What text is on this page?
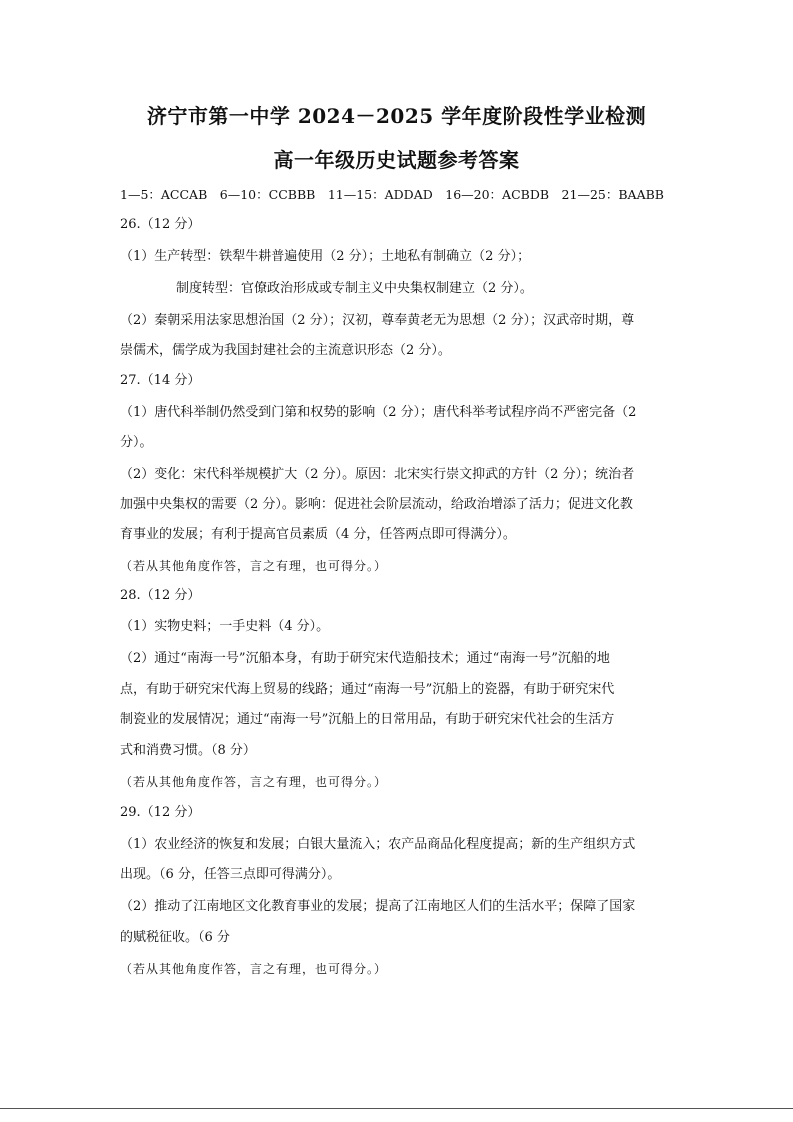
济宁市第一中学 2024－2025 学年度阶段性学业检测
高一年级历史试题参考答案
1—5：ACCAB　6—10：CCBBB　11—15：ADDAD　16—20：ACBDB　21—25：BAABB
26.（12 分）
（1）生产转型：铁犁牛耕普遍使用（2 分）；土地私有制确立（2 分）；
制度转型：官僚政治形成或专制主义中央集权制建立（2 分）。
（2）秦朝采用法家思想治国（2 分）；汉初，尊奉黄老无为思想（2 分）；汉武帝时期，尊
崇儒术，儒学成为我国封建社会的主流意识形态（2 分）。
27.（14 分）
（1）唐代科举制仍然受到门第和权势的影响（2 分）；唐代科举考试程序尚不严密完备（2
分）。
（2）变化：宋代科举规模扩大（2 分）。原因：北宋实行崇文抑武的方针（2 分）；统治者
加强中央集权的需要（2 分）。影响：促进社会阶层流动，给政治增添了活力；促进文化教
育事业的发展；有利于提高官员素质（4 分，任答两点即可得满分）。
（若从其他角度作答，言之有理，也可得分。）
28.（12 分）
（1）实物史料；一手史料（4 分）。
（2）通过“南海一号”沉船本身，有助于研究宋代造船技术；通过“南海一号”沉船的地
点，有助于研究宋代海上贸易的线路；通过“南海一号”沉船上的瓷器，有助于研究宋代
制瓷业的发展情况；通过“南海一号”沉船上的日常用品，有助于研究宋代社会的生活方
式和消费习惯。（8 分）
（若从其他角度作答，言之有理，也可得分。）
29.（12 分）
（1）农业经济的恢复和发展；白银大量流入；农产品商品化程度提高；新的生产组织方式
出现。（6 分，任答三点即可得满分）。
（2）推动了江南地区文化教育事业的发展；提高了江南地区人们的生活水平；保障了国家
的赋税征收。（6 分
（若从其他角度作答，言之有理，也可得分。）
